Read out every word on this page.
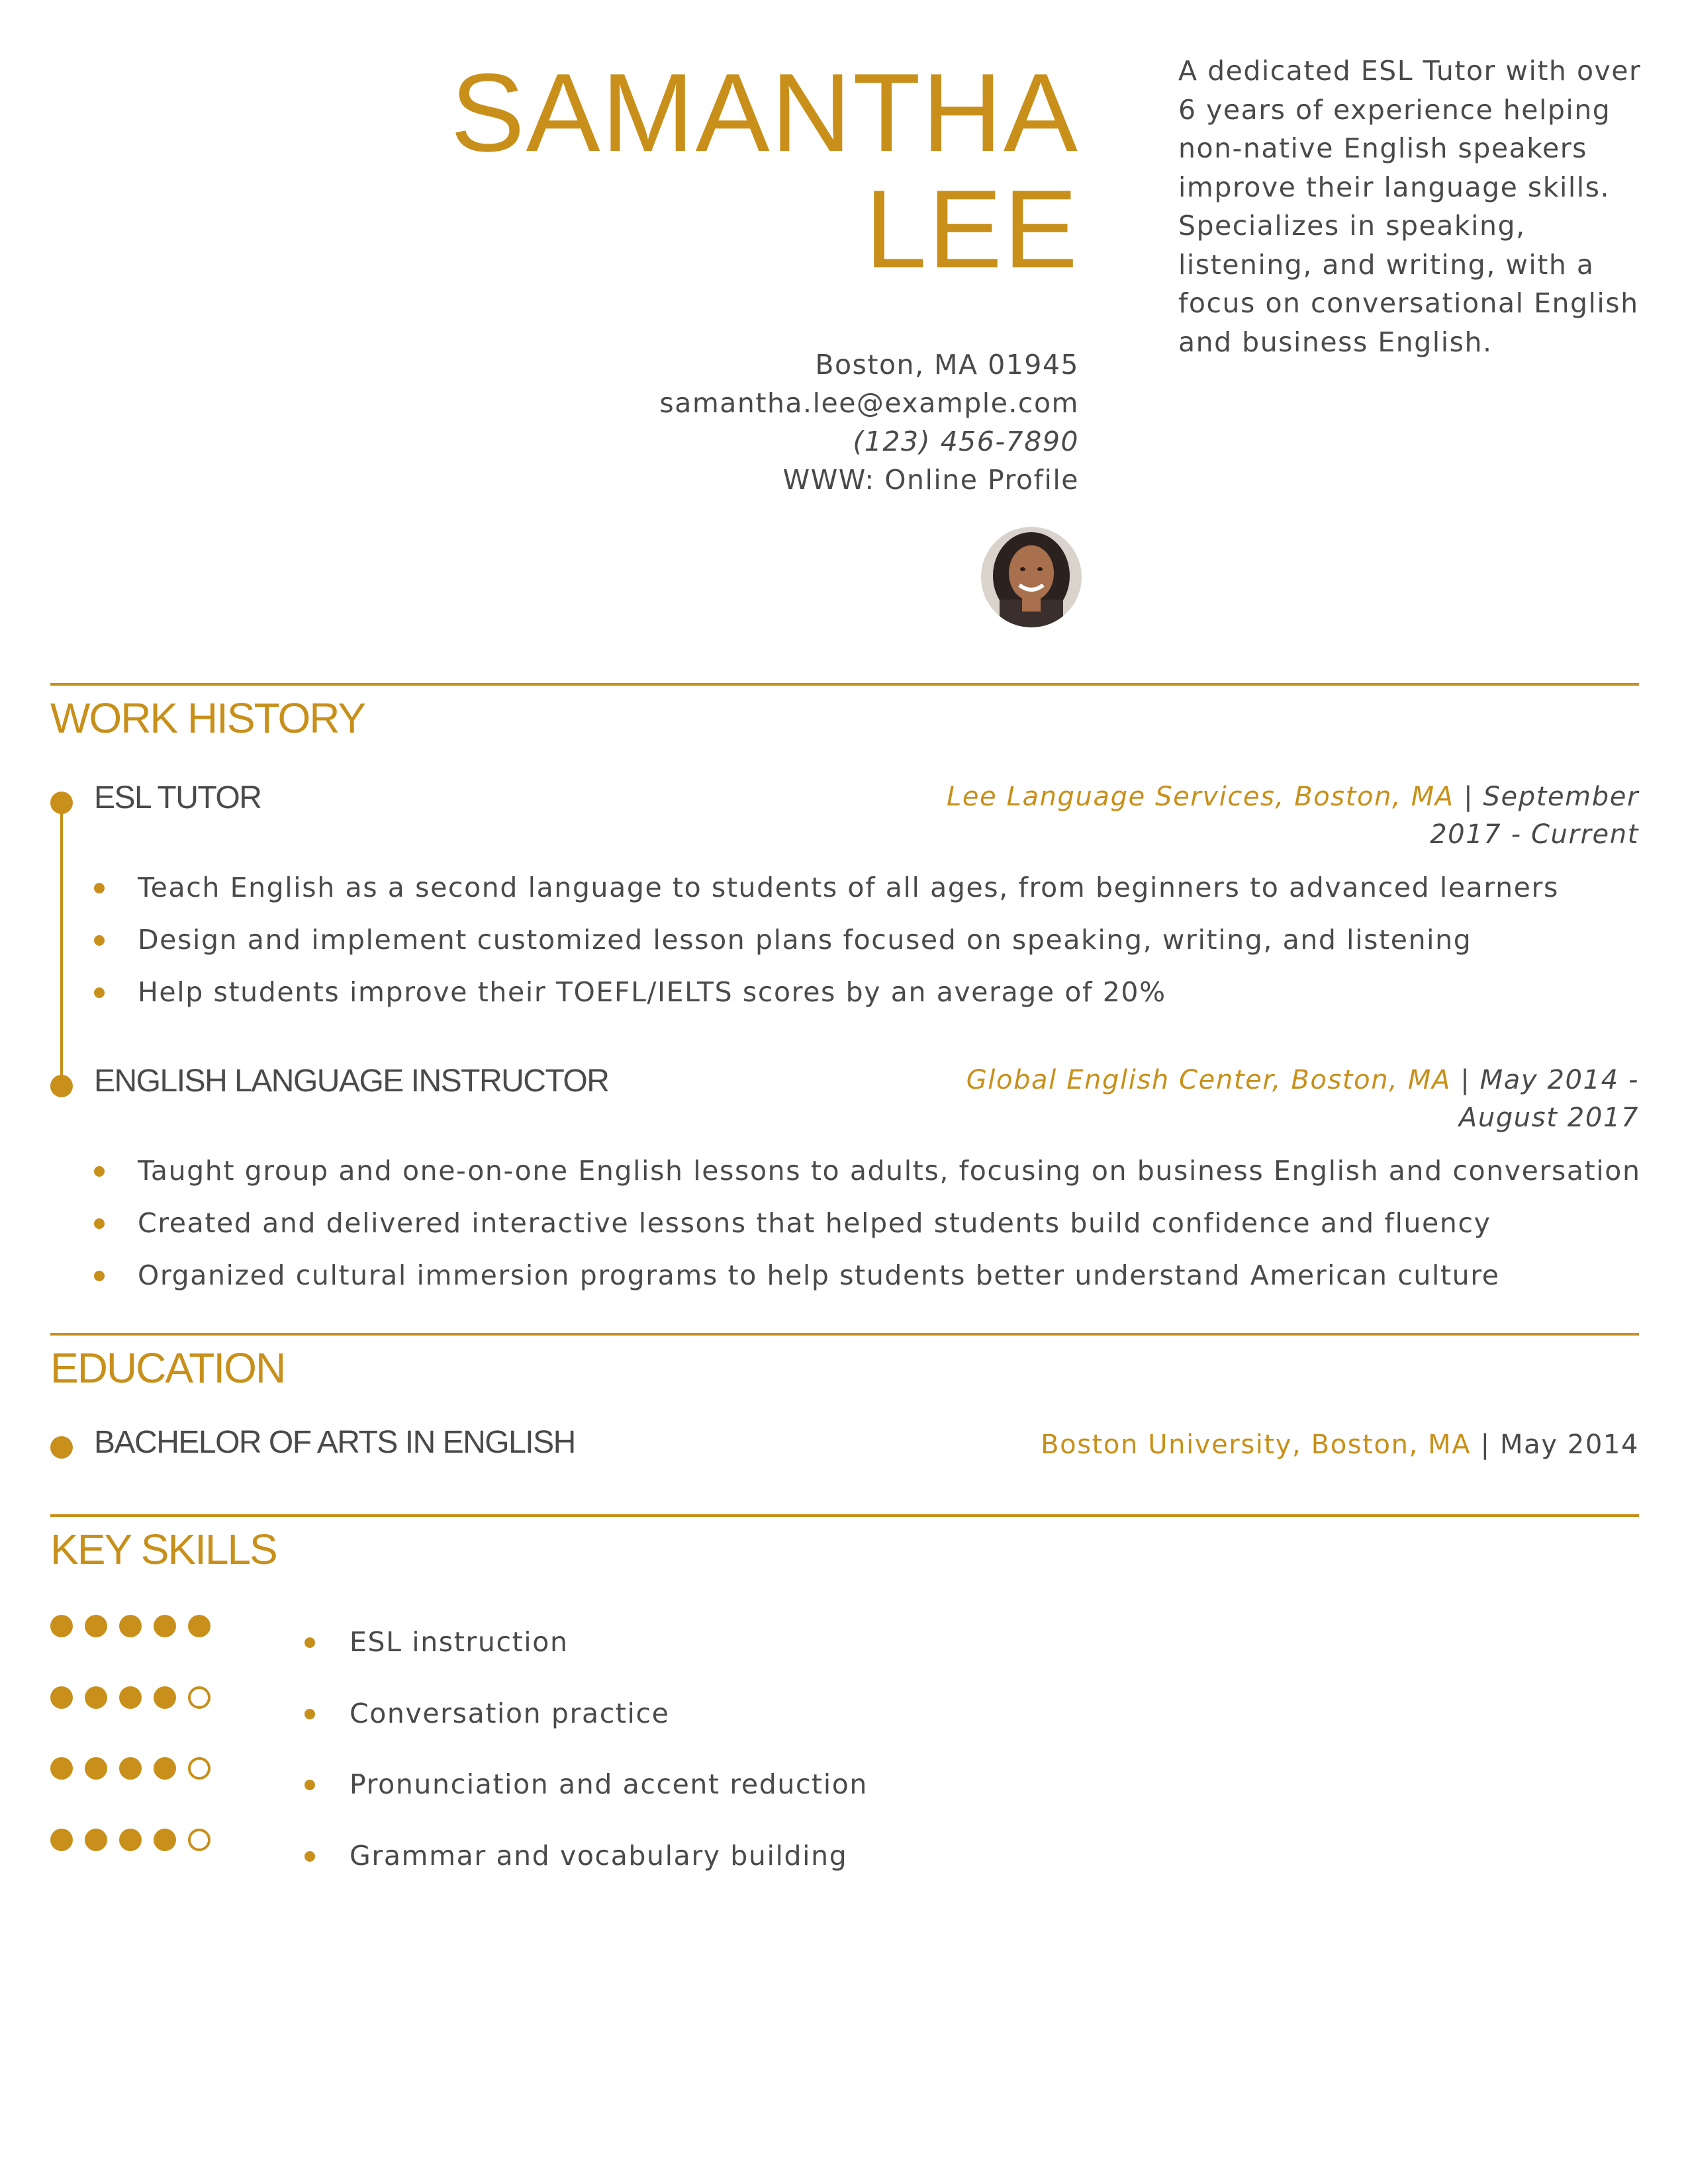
SAMANTHA
LEE
A dedicated ESL Tutor with over
6 years of experience helping
non-native English speakers
improve their language skills.
Specializes in speaking,
listening, and writing, with a
focus on conversational English
and business English.
Boston, MA 01945
samantha.lee@example.com
(123) 456-7890
WWW: Online Profile
WORK HISTORY
ESL TUTOR	Lee Language Services, Boston, MA | September
2017 - Current
Teach English as a second language to students of all ages, from beginners to advanced learners
Design and implement customized lesson plans focused on speaking, writing, and listening
Help students improve their TOEFL/IELTS scores by an average of 20%
ENGLISH LANGUAGE INSTRUCTOR	Global English Center, Boston, MA | May 2014 -
August 2017
Taught group and one-on-one English lessons to adults, focusing on business English and conversation
Created and delivered interactive lessons that helped students build confidence and fluency
Organized cultural immersion programs to help students better understand American culture
EDUCATION
BACHELOR OF ARTS IN ENGLISH	Boston University, Boston, MA | May 2014
KEY SKILLS
ESL instruction
Conversation practice
Pronunciation and accent reduction
Grammar and vocabulary building
